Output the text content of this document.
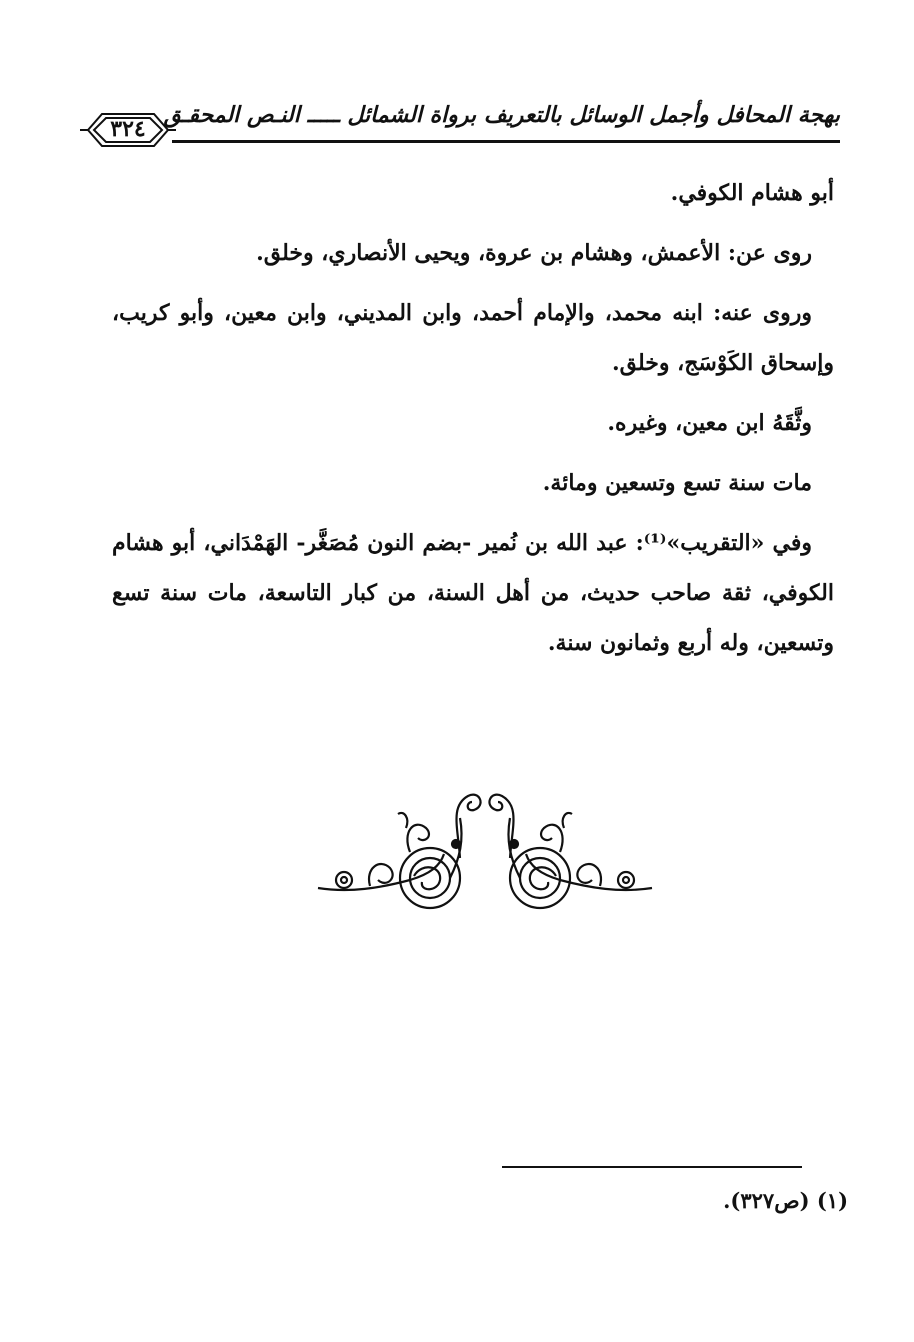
بهجة المحافل وأجمل الوسائل بالتعريف برواة الشمائل ـــــ النـص المحقـق
٣٢٤

أبو هشام الكوفي.

روى عن: الأعمش، وهشام بن عروة، ويحيى الأنصاري، وخلق.

وروى عنه: ابنه محمد، والإمام أحمد، وابن المديني، وابن معين، وأبو كريب، وإسحاق الكَوْسَج، وخلق.

وثَّقَهُ ابن معين، وغيره.

مات سنة تسع وتسعين ومائة.

وفي «التقريب»⁽¹⁾: عبد الله بن نُمير -بضم النون مُصَغَّر- الهَمْدَاني، أبو هشام الكوفي، ثقة صاحب حديث، من أهل السنة، من كبار التاسعة، مات سنة تسع وتسعين، وله أربع وثمانون سنة.

(١) (ص٣٢٧).
